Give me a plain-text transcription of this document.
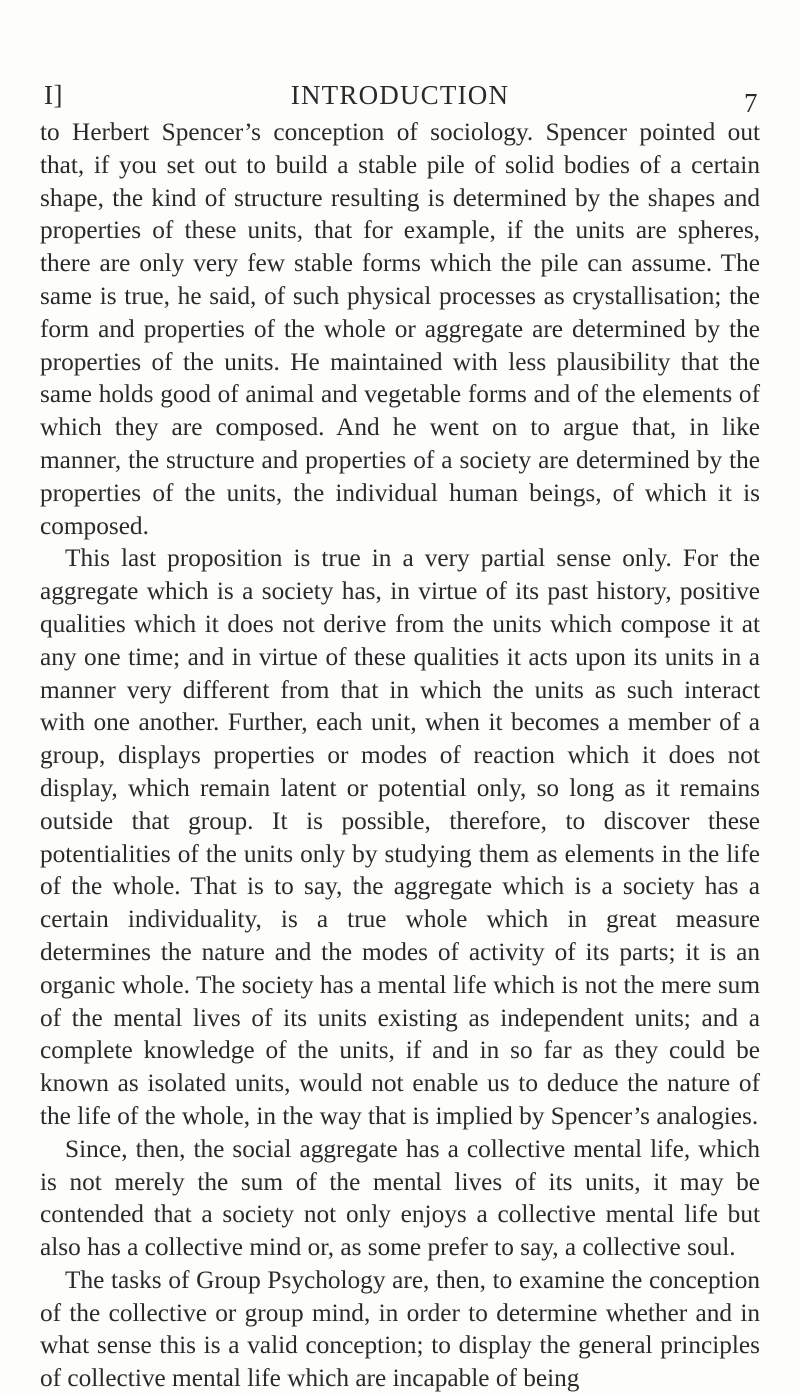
I]	INTRODUCTION	7

to Herbert Spencer’s conception of sociology. Spencer pointed out that, if you set out to build a stable pile of solid bodies of a certain shape, the kind of structure resulting is determined by the shapes and properties of these units, that for example, if the units are spheres, there are only very few stable forms which the pile can assume. The same is true, he said, of such physical processes as crystallisation; the form and properties of the whole or aggregate are determined by the properties of the units. He maintained with less plausibility that the same holds good of animal and vegetable forms and of the elements of which they are composed. And he went on to argue that, in like manner, the structure and properties of a society are determined by the properties of the units, the individual human beings, of which it is composed.

This last proposition is true in a very partial sense only. For the aggregate which is a society has, in virtue of its past history, positive qualities which it does not derive from the units which compose it at any one time; and in virtue of these qualities it acts upon its units in a manner very different from that in which the units as such interact with one another. Further, each unit, when it becomes a member of a group, displays properties or modes of reaction which it does not display, which remain latent or potential only, so long as it remains outside that group. It is possible, therefore, to discover these potentialities of the units only by studying them as elements in the life of the whole. That is to say, the aggregate which is a society has a certain individuality, is a true whole which in great measure determines the nature and the modes of activity of its parts; it is an organic whole. The society has a mental life which is not the mere sum of the mental lives of its units existing as independent units; and a complete knowledge of the units, if and in so far as they could be known as isolated units, would not enable us to deduce the nature of the life of the whole, in the way that is implied by Spencer’s analogies.

Since, then, the social aggregate has a collective mental life, which is not merely the sum of the mental lives of its units, it may be contended that a society not only enjoys a collective mental life but also has a collective mind or, as some prefer to say, a collective soul.

The tasks of Group Psychology are, then, to examine the conception of the collective or group mind, in order to determine whether and in what sense this is a valid conception; to display the general principles of collective mental life which are incapable of being
